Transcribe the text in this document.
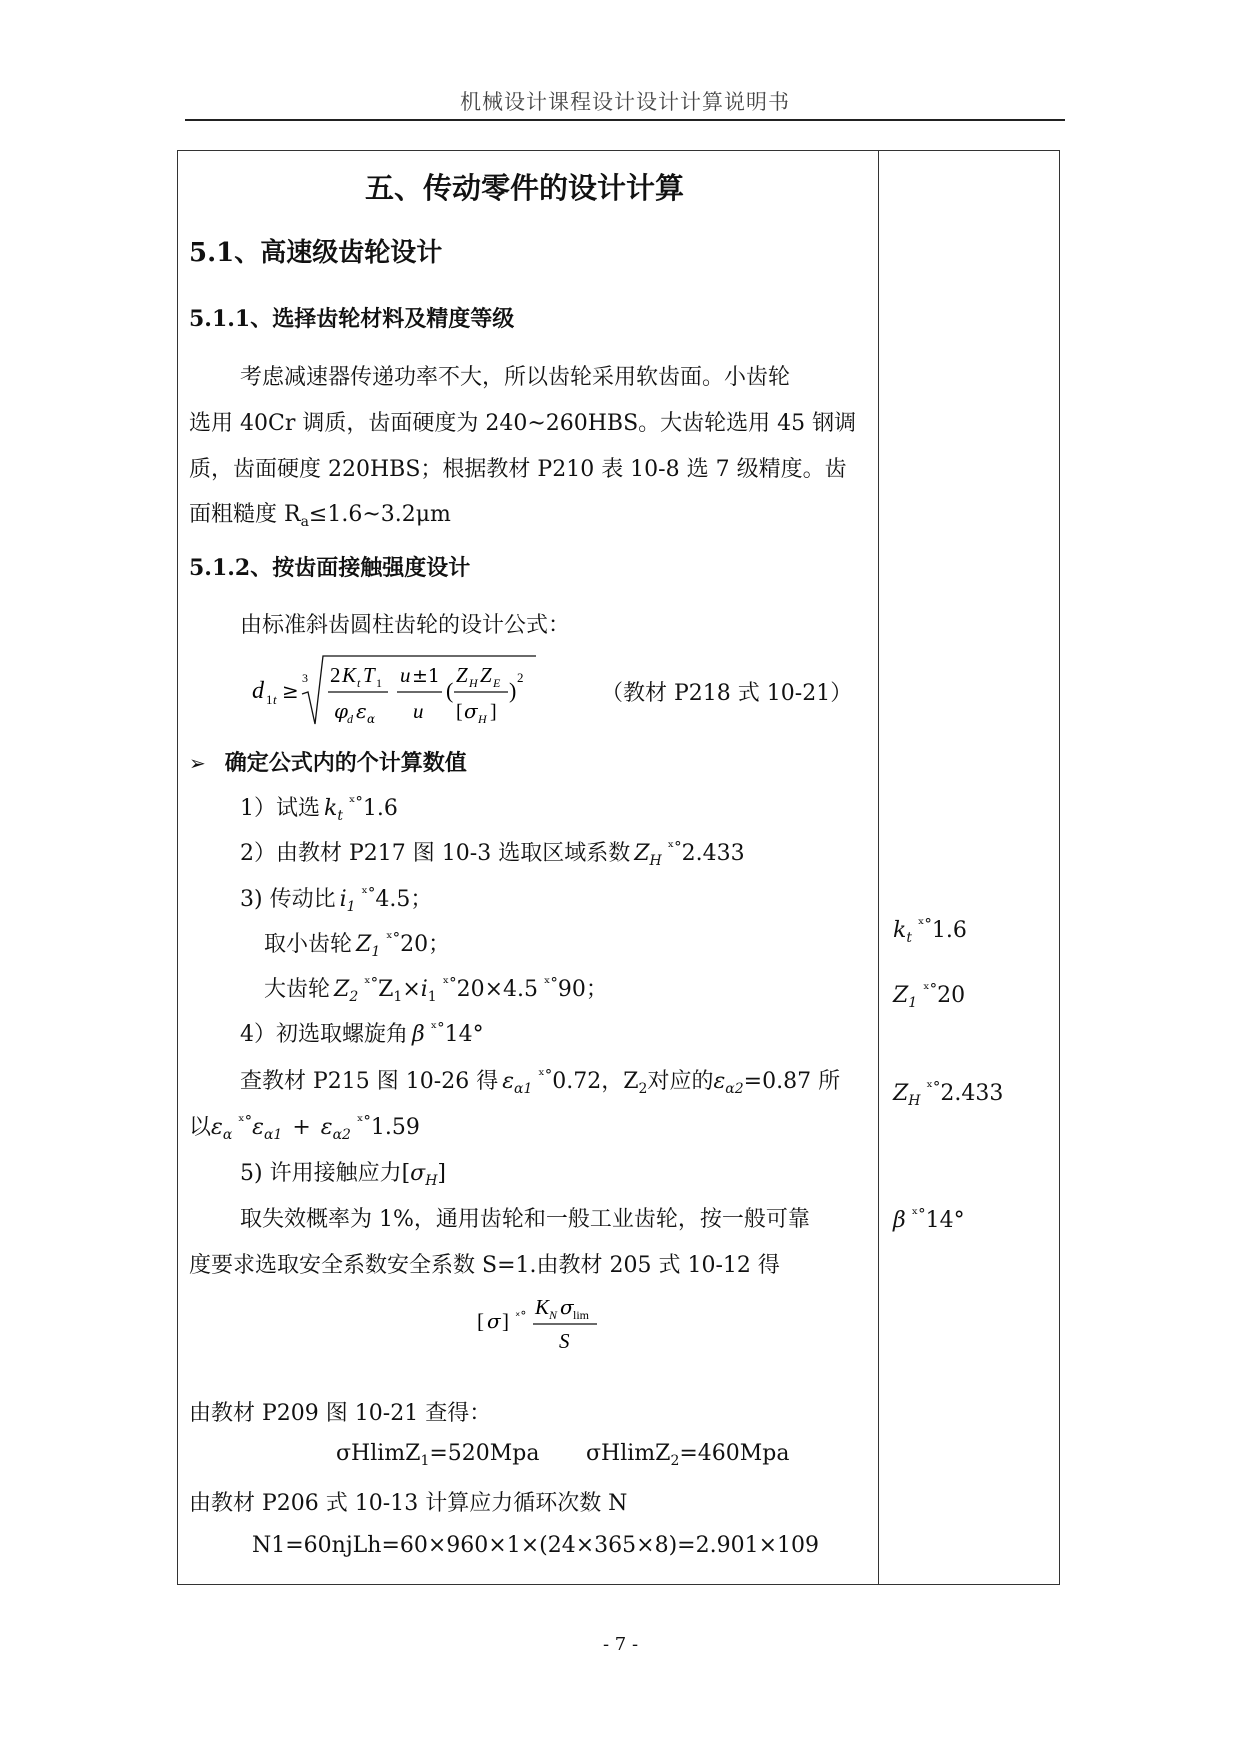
机械设计课程设计设计计算说明书
五、传动零件的设计计算
5.1、高速级齿轮设计
5.1.1、选择齿轮材料及精度等级
考虑减速器传递功率不大，所以齿轮采用软齿面。小齿轮
选用 40Cr 调质，齿面硬度为 240~260HBS。大齿轮选用 45 钢调
质，齿面硬度 220HBS；根据教材 P210 表 10-8 选 7 级精度。齿
面粗糙度 $R_a\le 1.6\sim 3.2\mu m$
5.1.2、按齿面接触强度设计
由标准斜齿圆柱齿轮的设计公式：
d 1 t ≥
3 2 K t T 1
φ
d ε α
u ±1
u
(
Z H Z E
[ σ H ]
)
2
（教材 P218 式 10-21）
➢ 确定公式内的个计算数值
1）试选 $k_t^{ˣ^\circ}1.6$
2）由教材 P217 图 10-3 选取区域系数 $Z_H^{ˣ^\circ}2.433$
3) 传动比 $i_1^{ˣ^\circ}4.5$；
取小齿轮 $Z_1^{ˣ^\circ}20$；
大齿轮 $Z_2^{ˣ^\circ}Z_1\times i_1^{ˣ^\circ}20\times 4.5$ $^{ˣ^\circ}$90；
4）初选取螺旋角 β $^{ˣ^\circ}$14°
查教材 P215 图 10-26 得 $\varepsilon_{\alpha 1}^{ˣ^\circ}0.72$，$Z_2$对应的$\varepsilon_{\alpha 2}=0.87$ 所
以$\varepsilon_\alpha^{ˣ^\circ}\varepsilon_{\alpha 1} + \varepsilon_{\alpha 2}^{ˣ^\circ}1.59$
5) 许用接触应力$[\sigma_H]$
取失效概率为 1%，通用齿轮和一般工业齿轮，按一般可靠
度要求选取安全系数安全系数 S=1.由教材 205 式 10-12 得
[ σ ] ˣ° K N σ lim
S
由教材 P209 图 10-21 查得：
σHlimZ$_1$=520Mpa σHlimZ$_2$=460Mpa
由教材 P206 式 10-13 计算应力循环次数 N
N1=60njLh=60×960×1×(24×365×8)=2.901×109
$k_t^{ˣ^\circ}1.6$
$Z_1^{ˣ^\circ}20$
$Z_H^{ˣ^\circ}2.433$
β $^{ˣ^\circ}$14°
- 7 -
